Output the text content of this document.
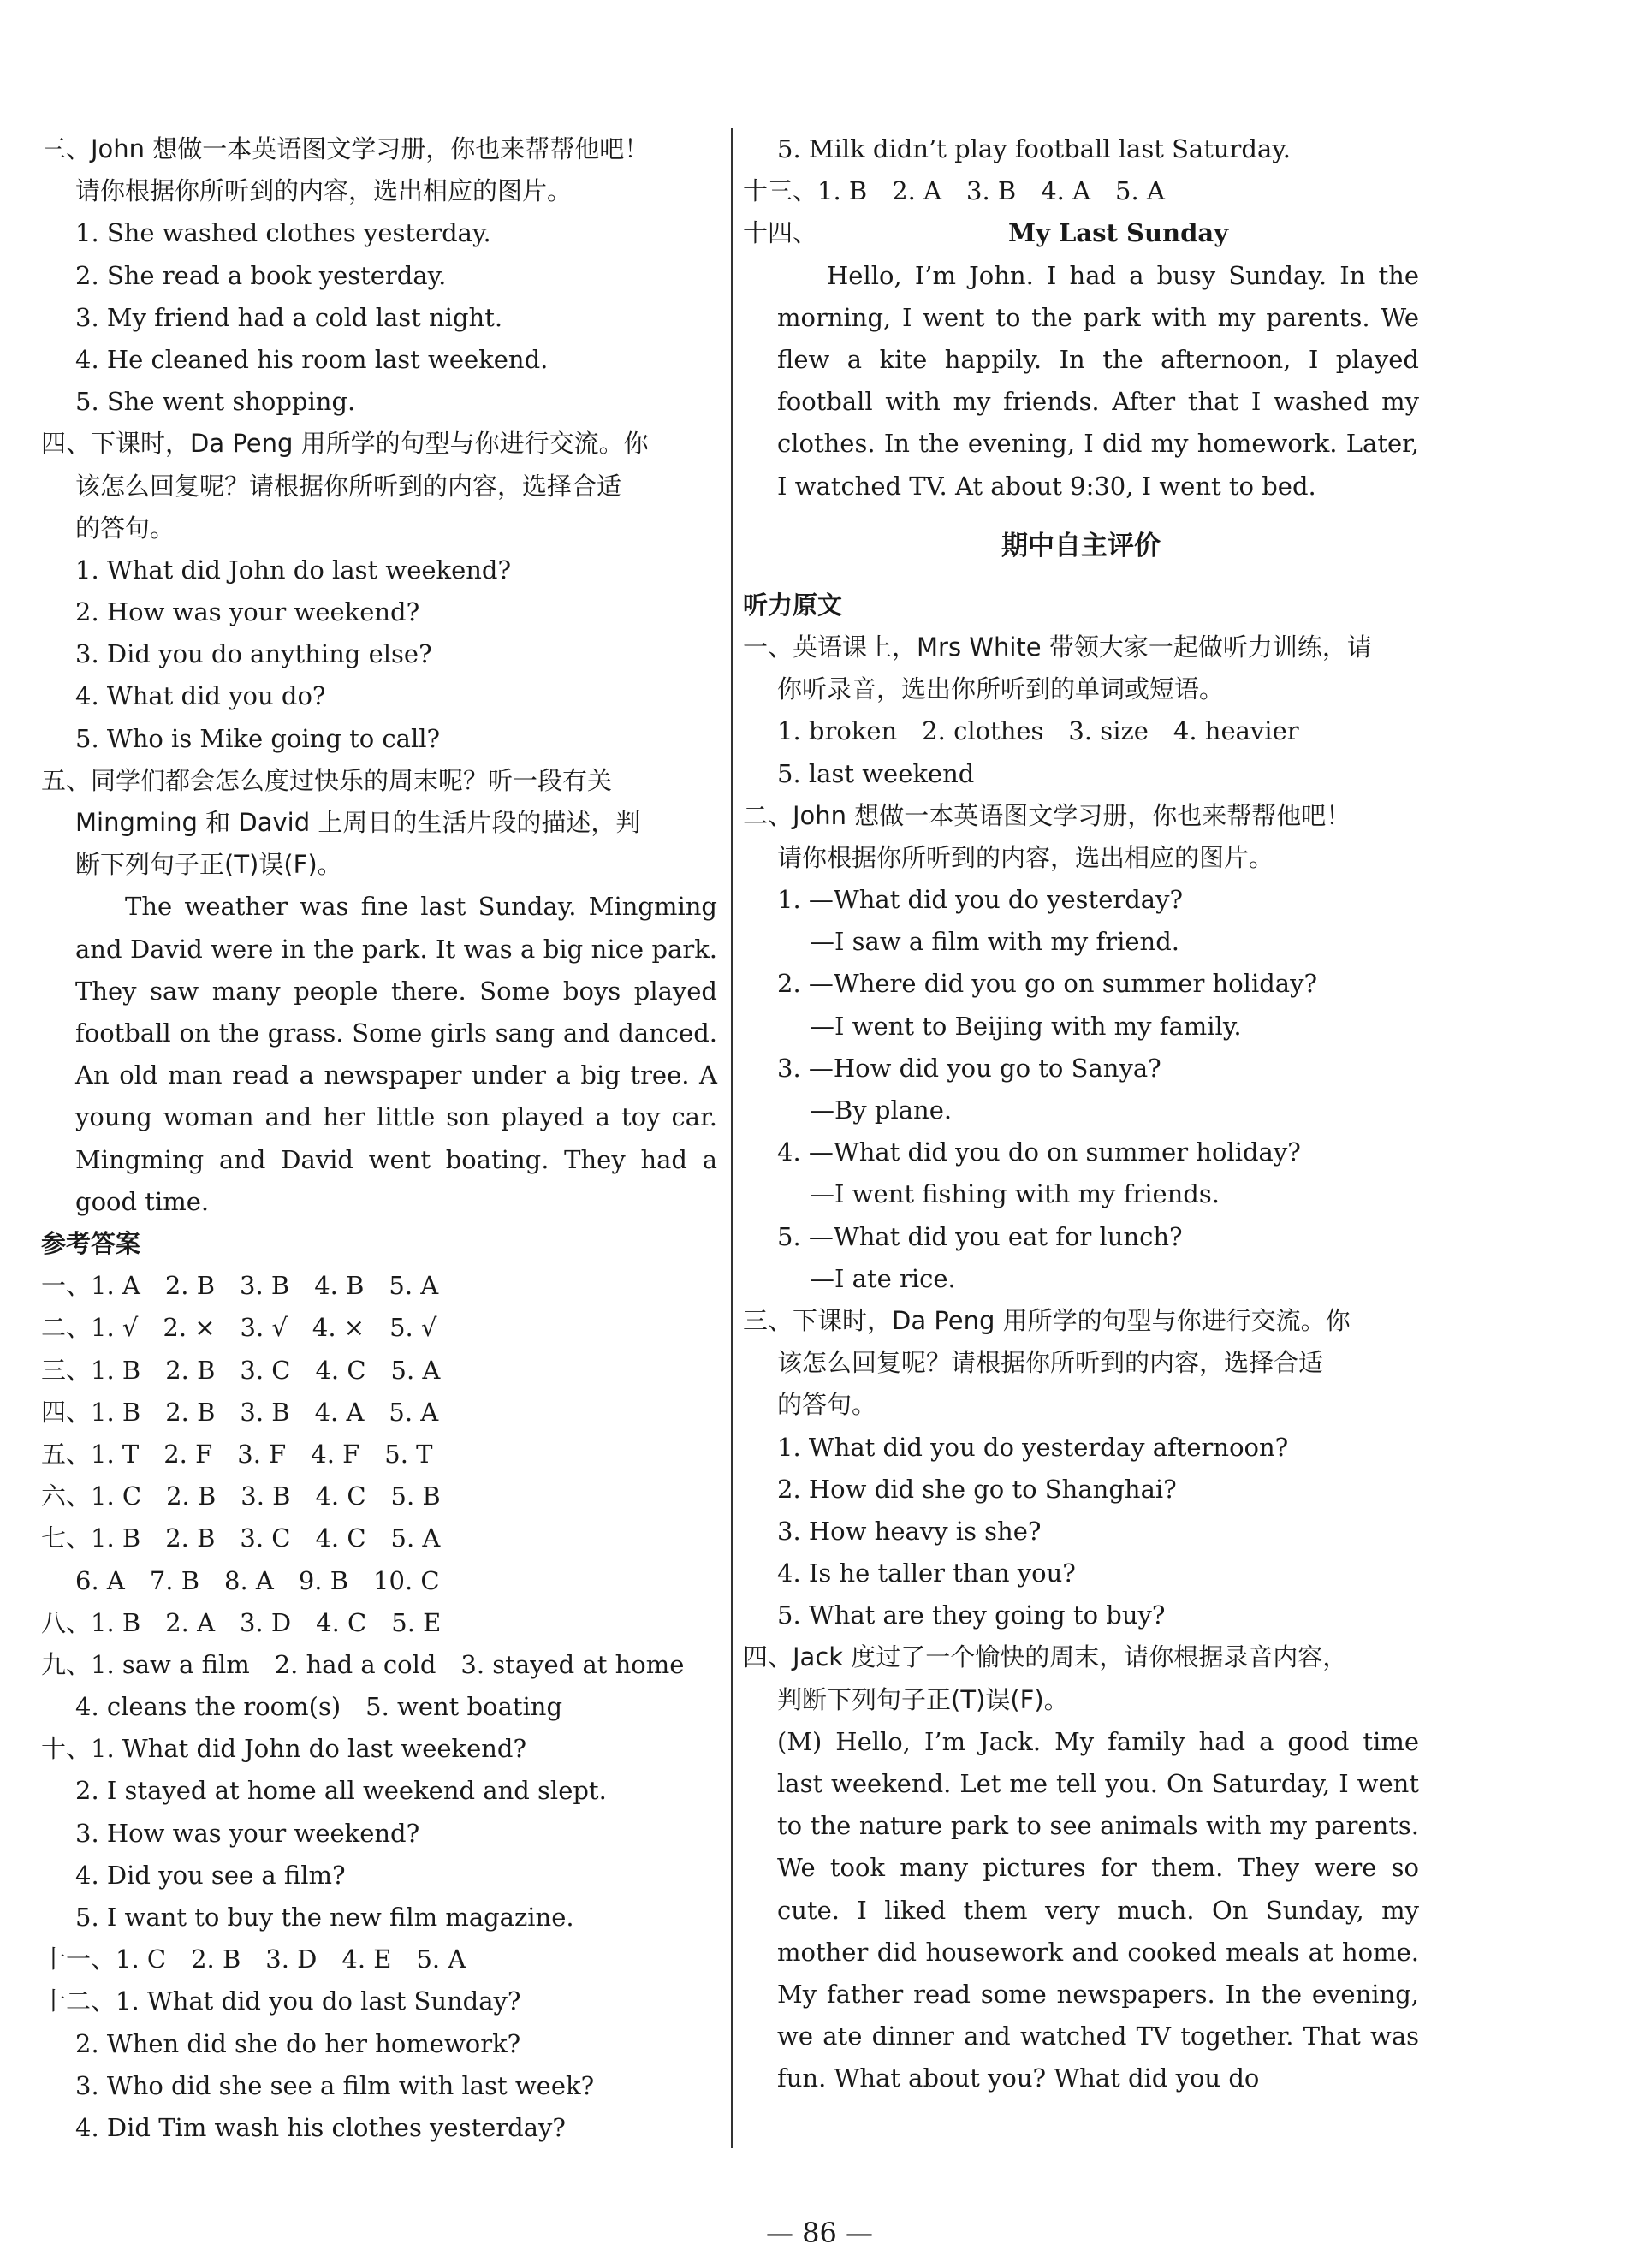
三、John 想做一本英语图文学习册，你也来帮帮他吧！
请你根据你所听到的内容，选出相应的图片。
1. She washed clothes yesterday.
2. She read a book yesterday.
3. My friend had a cold last night.
4. He cleaned his room last weekend.
5. She went shopping.
四、下课时，Da Peng 用所学的句型与你进行交流。你
该怎么回复呢？请根据你所听到的内容，选择合适
的答句。
1. What did John do last weekend?
2. How was your weekend?
3. Did you do anything else?
4. What did you do?
5. Who is Mike going to call?
五、同学们都会怎么度过快乐的周末呢？听一段有关
Mingming 和 David 上周日的生活片段的描述，判
断下列句子正(T)误(F)。
The weather was fine last Sunday. Mingming and David were in the park. It was a big nice park. They saw many people there. Some boys played football on the grass. Some girls sang and danced. An old man read a newspaper under a big tree. A young woman and her little son played a toy car. Mingming and David went boating. They had a good time.
参考答案
一、1. A　2. B　3. B　4. B　5. A
二、1. √　2. ×　3. √　4. ×　5. √
三、1. B　2. B　3. C　4. C　5. A
四、1. B　2. B　3. B　4. A　5. A
五、1. T　2. F　3. F　4. F　5. T
六、1. C　2. B　3. B　4. C　5. B
七、1. B　2. B　3. C　4. C　5. A
6. A　7. B　8. A　9. B　10. C
八、1. B　2. A　3. D　4. C　5. E
九、1. saw a film　2. had a cold　3. stayed at home
4. cleans the room(s)　5. went boating
十、1. What did John do last weekend?
2. I stayed at home all weekend and slept.
3. How was your weekend?
4. Did you see a film?
5. I want to buy the new film magazine.
十一、1. C　2. B　3. D　4. E　5. A
十二、1. What did you do last Sunday?
2. When did she do her homework?
3. Who did she see a film with last week?
4. Did Tim wash his clothes yesterday?
5. Milk didn’t play football last Saturday.
十三、1. B　2. A　3. B　4. A　5. A
十四、	My Last Sunday
Hello, I’m John. I had a busy Sunday. In the morning, I went to the park with my parents. We flew a kite happily. In the afternoon, I played football with my friends. After that I washed my clothes. In the evening, I did my homework. Later, I watched TV. At about 9:30, I went to bed.
期中自主评价
听力原文
一、英语课上，Mrs White 带领大家一起做听力训练，请
你听录音，选出你所听到的单词或短语。
1. broken　2. clothes　3. size　4. heavier
5. last weekend
二、John 想做一本英语图文学习册，你也来帮帮他吧！
请你根据你所听到的内容，选出相应的图片。
1. —What did you do yesterday?
—I saw a film with my friend.
2. —Where did you go on summer holiday?
—I went to Beijing with my family.
3. —How did you go to Sanya?
—By plane.
4. —What did you do on summer holiday?
—I went fishing with my friends.
5. —What did you eat for lunch?
—I ate rice.
三、下课时，Da Peng 用所学的句型与你进行交流。你
该怎么回复呢？请根据你所听到的内容，选择合适
的答句。
1. What did you do yesterday afternoon?
2. How did she go to Shanghai?
3. How heavy is she?
4. Is he taller than you?
5. What are they going to buy?
四、Jack 度过了一个愉快的周末，请你根据录音内容，
判断下列句子正(T)误(F)。
(M) Hello, I’m Jack. My family had a good time last weekend. Let me tell you. On Saturday, I went to the nature park to see animals with my parents. We took many pictures for them. They were so cute. I liked them very much. On Sunday, my mother did housework and cooked meals at home. My father read some newspapers. In the evening, we ate dinner and watched TV together. That was fun. What about you? What did you do
— 86 —
